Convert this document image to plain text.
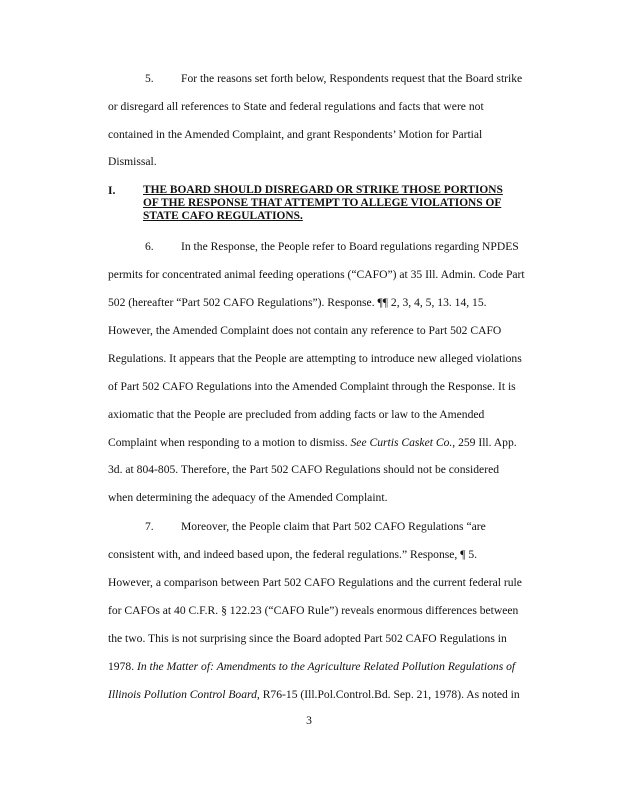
5. For the reasons set forth below, Respondents request that the Board strike
or disregard all references to State and federal regulations and facts that were not
contained in the Amended Complaint, and grant Respondents’ Motion for Partial
Dismissal.
I. THE BOARD SHOULD DISREGARD OR STRIKE THOSE PORTIONS
OF THE RESPONSE THAT ATTEMPT TO ALLEGE VIOLATIONS OF
STATE CAFO REGULATIONS.
6. In the Response, the People refer to Board regulations regarding NPDES
permits for concentrated animal feeding operations (“CAFO”) at 35 Ill. Admin. Code Part
502 (hereafter “Part 502 CAFO Regulations”). Response. ¶¶ 2, 3, 4, 5, 13. 14, 15.
However, the Amended Complaint does not contain any reference to Part 502 CAFO
Regulations. It appears that the People are attempting to introduce new alleged violations
of Part 502 CAFO Regulations into the Amended Complaint through the Response. It is
axiomatic that the People are precluded from adding facts or law to the Amended
Complaint when responding to a motion to dismiss. See Curtis Casket Co., 259 Ill. App.
3d. at 804-805. Therefore, the Part 502 CAFO Regulations should not be considered
when determining the adequacy of the Amended Complaint.
7. Moreover, the People claim that Part 502 CAFO Regulations “are
consistent with, and indeed based upon, the federal regulations.” Response, ¶ 5.
However, a comparison between Part 502 CAFO Regulations and the current federal rule
for CAFOs at 40 C.F.R. § 122.23 (“CAFO Rule”) reveals enormous differences between
the two. This is not surprising since the Board adopted Part 502 CAFO Regulations in
1978. In the Matter of: Amendments to the Agriculture Related Pollution Regulations of
Illinois Pollution Control Board, R76-15 (Ill.Pol.Control.Bd. Sep. 21, 1978). As noted in
3
